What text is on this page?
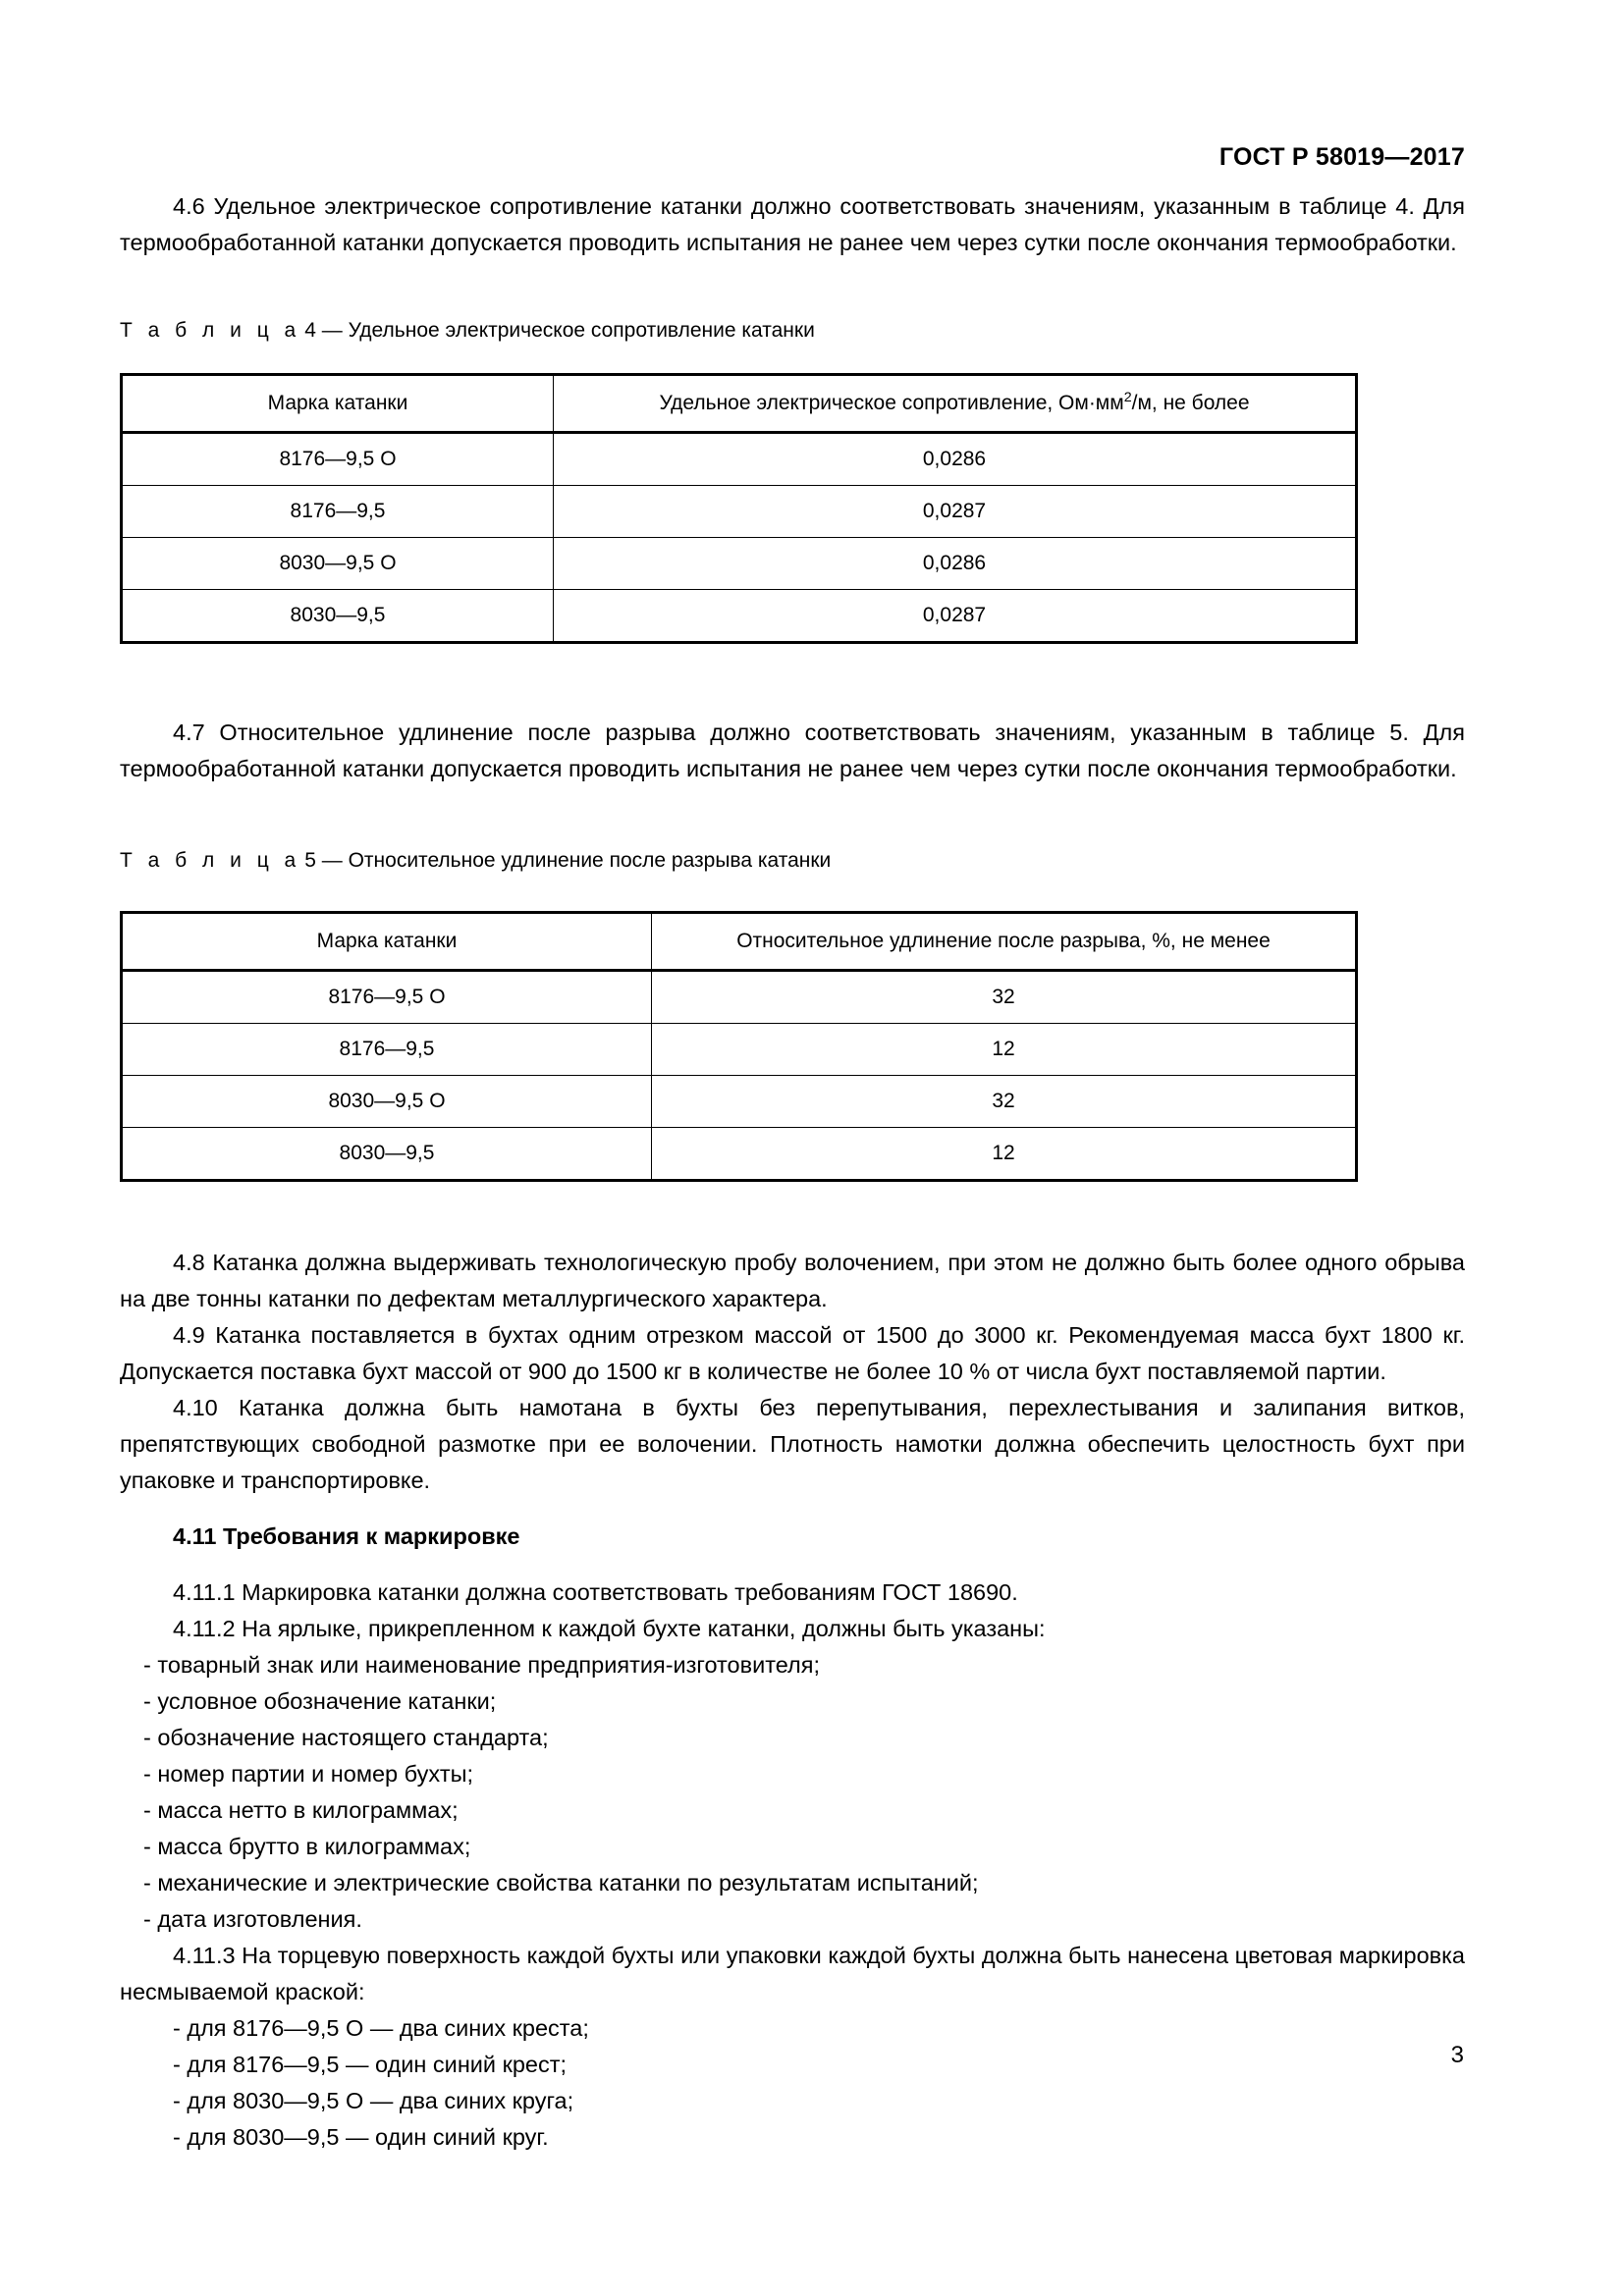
ГОСТ Р 58019—2017

4.6 Удельное электрическое сопротивление катанки должно соответствовать значениям, указанным в таблице 4. Для термообработанной катанки допускается проводить испытания не ранее чем через сутки после окончания термообработки.

Т а б л и ц а 4 — Удельное электрическое сопротивление катанки

Марка катанки	Удельное электрическое сопротивление, $Ом\cdot мм^2/м$, не более
8176—9,5 О	0,0286
8176—9,5	0,0287
8030—9,5 О	0,0286
8030—9,5	0,0287

4.7 Относительное удлинение после разрыва должно соответствовать значениям, указанным в таблице 5. Для термообработанной катанки допускается проводить испытания не ранее чем через сутки после окончания термообработки.

Т а б л и ц а 5 — Относительное удлинение после разрыва катанки

Марка катанки	Относительное удлинение после разрыва, %, не менее
8176—9,5 О	32
8176—9,5	12
8030—9,5 О	32
8030—9,5	12

4.8 Катанка должна выдерживать технологическую пробу волочением, при этом не должно быть более одного обрыва на две тонны катанки по дефектам металлургического характера.

4.9 Катанка поставляется в бухтах одним отрезком массой от 1500 до 3000 кг. Рекомендуемая масса бухт 1800 кг. Допускается поставка бухт массой от 900 до 1500 кг в количестве не более 10 % от числа бухт поставляемой партии.

4.10 Катанка должна быть намотана в бухты без перепутывания, перехлестывания и залипания витков, препятствующих свободной размотке при ее волочении. Плотность намотки должна обеспечить целостность бухт при упаковке и транспортировке.

4.11 Требования к маркировке

4.11.1 Маркировка катанки должна соответствовать требованиям ГОСТ 18690.

4.11.2 На ярлыке, прикрепленном к каждой бухте катанки, должны быть указаны:

- товарный знак или наименование предприятия-изготовителя;

- условное обозначение катанки;

- обозначение настоящего стандарта;

- номер партии и номер бухты;

- масса нетто в килограммах;

- масса брутто в килограммах;

- механические и электрические свойства катанки по результатам испытаний;

- дата изготовления.

4.11.3 На торцевую поверхность каждой бухты или упаковки каждой бухты должна быть нанесена цветовая маркировка несмываемой краской:

- для 8176—9,5 О — два синих креста;

- для 8176—9,5 — один синий крест;

- для 8030—9,5 О — два синих круга;

- для 8030—9,5 — один синий круг.

3
